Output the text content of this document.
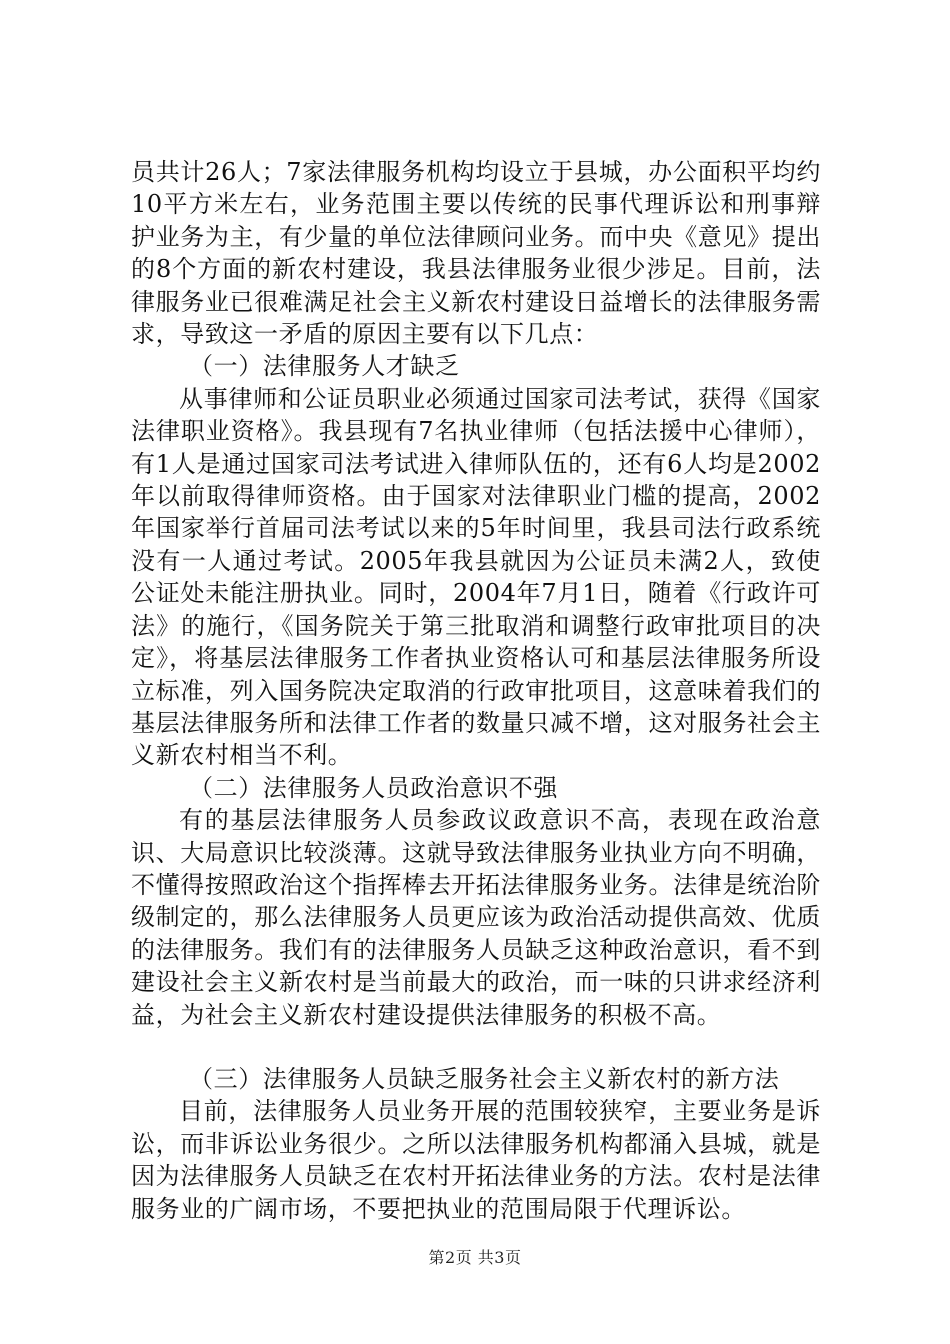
员共计26人；7家法律服务机构均设立于县城，办公面积平均约10平方米左右，业务范围主要以传统的民事代理诉讼和刑事辩护业务为主，有少量的单位法律顾问业务。而中央《意见》提出的8个方面的新农村建设，我县法律服务业很少涉足。目前，法律服务业已很难满足社会主义新农村建设日益增长的法律服务需求，导致这一矛盾的原因主要有以下几点：

（一）法律服务人才缺乏

从事律师和公证员职业必须通过国家司法考试，获得《国家法律职业资格》。我县现有7名执业律师（包括法援中心律师），有1人是通过国家司法考试进入律师队伍的，还有6人均是2002年以前取得律师资格。由于国家对法律职业门槛的提高，2002年国家举行首届司法考试以来的5年时间里，我县司法行政系统没有一人通过考试。2005年我县就因为公证员未满2人，致使公证处未能注册执业。同时，2004年7月1日，随着《行政许可法》的施行，《国务院关于第三批取消和调整行政审批项目的决定》，将基层法律服务工作者执业资格认可和基层法律服务所设立标准，列入国务院决定取消的行政审批项目，这意味着我们的基层法律服务所和法律工作者的数量只减不增，这对服务社会主义新农村相当不利。

（二）法律服务人员政治意识不强

有的基层法律服务人员参政议政意识不高，表现在政治意识、大局意识比较淡薄。这就导致法律服务业执业方向不明确，不懂得按照政治这个指挥棒去开拓法律服务业务。法律是统治阶级制定的，那么法律服务人员更应该为政治活动提供高效、优质的法律服务。我们有的法律服务人员缺乏这种政治意识，看不到建设社会主义新农村是当前最大的政治，而一味的只讲求经济利益，为社会主义新农村建设提供法律服务的积极不高。

（三）法律服务人员缺乏服务社会主义新农村的新方法

目前，法律服务人员业务开展的范围较狭窄，主要业务是诉讼，而非诉讼业务很少。之所以法律服务机构都涌入县城，就是因为法律服务人员缺乏在农村开拓法律业务的方法。农村是法律服务业的广阔市场，不要把执业的范围局限于代理诉讼。

第2页 共3页
